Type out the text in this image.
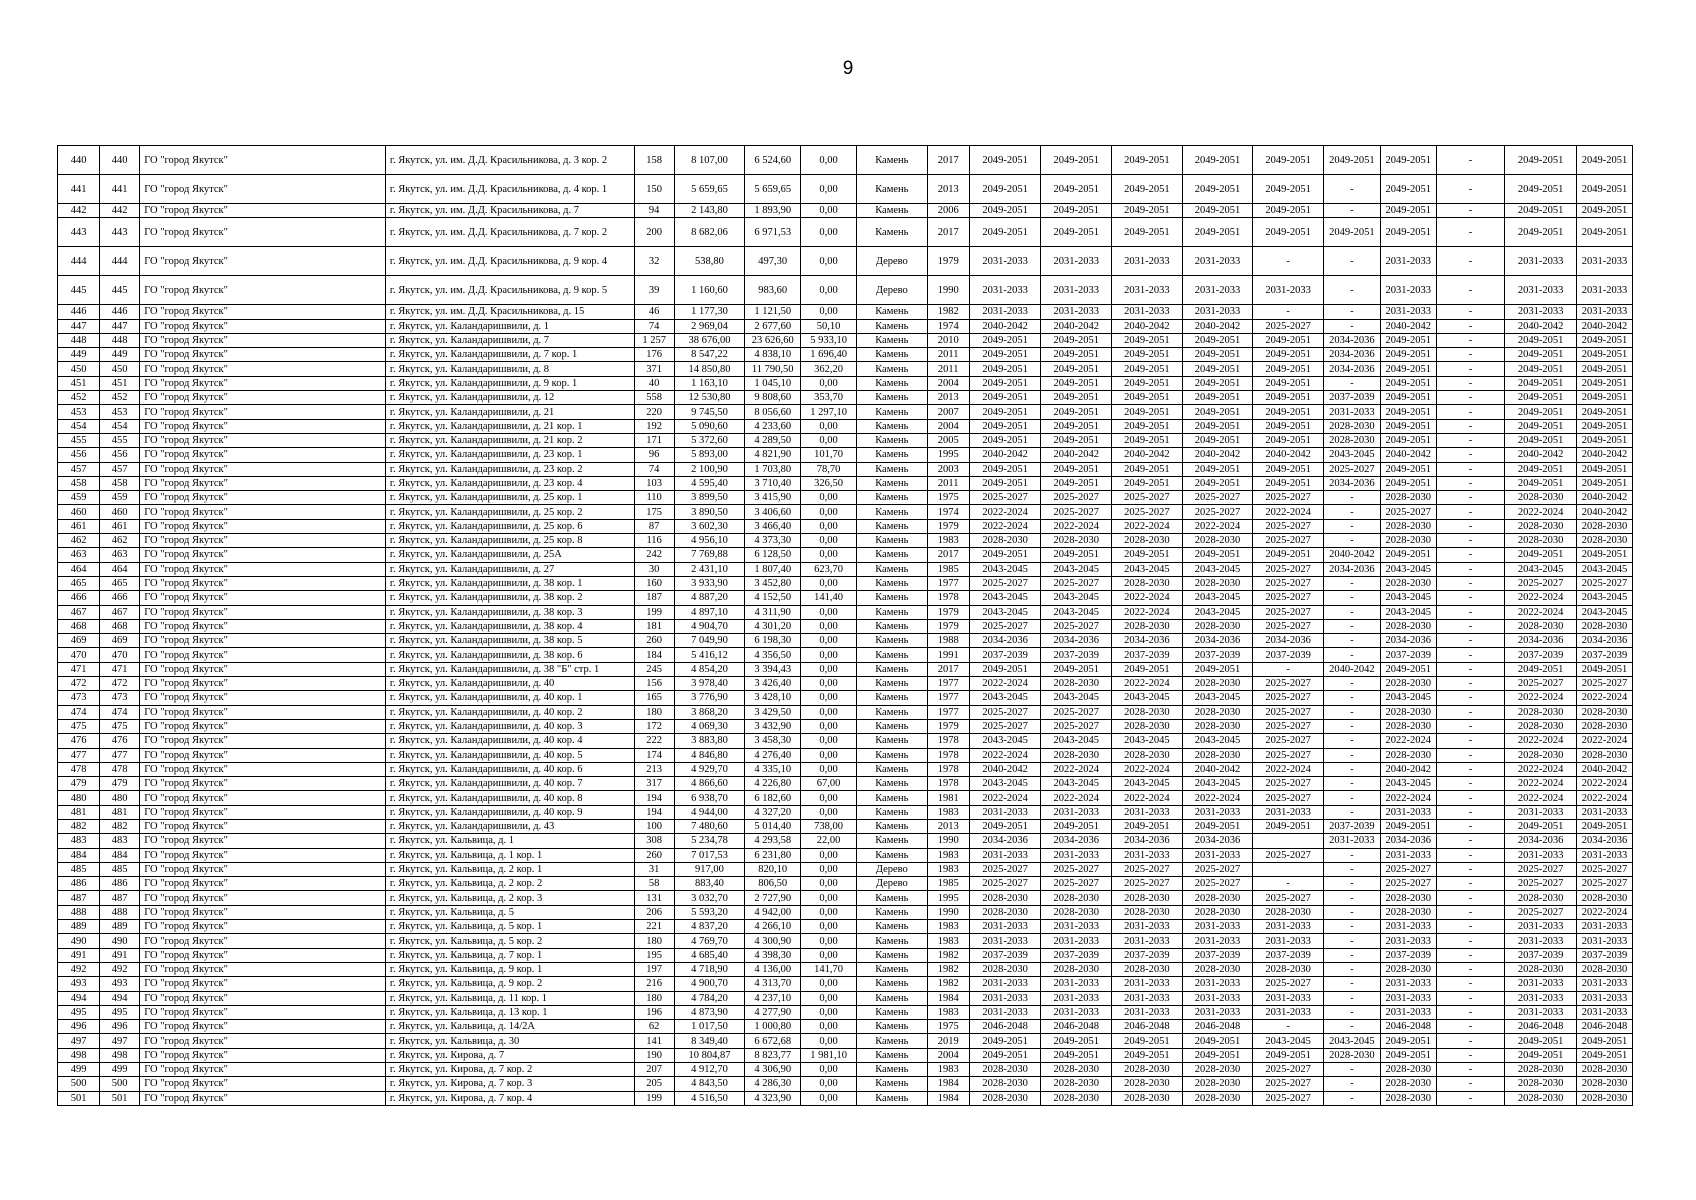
9
440	440	ГО "город Якутск"	г. Якутск, ул. им. Д.Д. Красильникова, д. 3 кор. 2	158	8 107,00	6 524,60	0,00	Камень	2017	2049-2051	2049-2051	2049-2051	2049-2051	2049-2051	2049-2051	2049-2051	-	2049-2051	2049-2051
441	441	ГО "город Якутск"	г. Якутск, ул. им. Д.Д. Красильникова, д. 4 кор. 1	150	5 659,65	5 659,65	0,00	Камень	2013	2049-2051	2049-2051	2049-2051	2049-2051	2049-2051	-	2049-2051	-	2049-2051	2049-2051
442	442	ГО "город Якутск"	г. Якутск, ул. им. Д.Д. Красильникова, д. 7	94	2 143,80	1 893,90	0,00	Камень	2006	2049-2051	2049-2051	2049-2051	2049-2051	2049-2051	-	2049-2051	-	2049-2051	2049-2051
443	443	ГО "город Якутск"	г. Якутск, ул. им. Д.Д. Красильникова, д. 7 кор. 2	200	8 682,06	6 971,53	0,00	Камень	2017	2049-2051	2049-2051	2049-2051	2049-2051	2049-2051	2049-2051	2049-2051	-	2049-2051	2049-2051
444	444	ГО "город Якутск"	г. Якутск, ул. им. Д.Д. Красильникова, д. 9 кор. 4	32	538,80	497,30	0,00	Дерево	1979	2031-2033	2031-2033	2031-2033	2031-2033	-	-	2031-2033	-	2031-2033	2031-2033
445	445	ГО "город Якутск"	г. Якутск, ул. им. Д.Д. Красильникова, д. 9 кор. 5	39	1 160,60	983,60	0,00	Дерево	1990	2031-2033	2031-2033	2031-2033	2031-2033	2031-2033	-	2031-2033	-	2031-2033	2031-2033
446	446	ГО "город Якутск"	г. Якутск, ул. им. Д.Д. Красильникова, д. 15	46	1 177,30	1 121,50	0,00	Камень	1982	2031-2033	2031-2033	2031-2033	2031-2033	-	-	2031-2033	-	2031-2033	2031-2033
447	447	ГО "город Якутск"	г. Якутск, ул. Каландаришвили, д. 1	74	2 969,04	2 677,60	50,10	Камень	1974	2040-2042	2040-2042	2040-2042	2040-2042	2025-2027	-	2040-2042	-	2040-2042	2040-2042
448	448	ГО "город Якутск"	г. Якутск, ул. Каландаришвили, д. 7	1 257	38 676,00	23 626,60	5 933,10	Камень	2010	2049-2051	2049-2051	2049-2051	2049-2051	2049-2051	2034-2036	2049-2051	-	2049-2051	2049-2051
449	449	ГО "город Якутск"	г. Якутск, ул. Каландаришвили, д. 7 кор. 1	176	8 547,22	4 838,10	1 696,40	Камень	2011	2049-2051	2049-2051	2049-2051	2049-2051	2049-2051	2034-2036	2049-2051	-	2049-2051	2049-2051
450	450	ГО "город Якутск"	г. Якутск, ул. Каландаришвили, д. 8	371	14 850,80	11 790,50	362,20	Камень	2011	2049-2051	2049-2051	2049-2051	2049-2051	2049-2051	2034-2036	2049-2051	-	2049-2051	2049-2051
451	451	ГО "город Якутск"	г. Якутск, ул. Каландаришвили, д. 9 кор. 1	40	1 163,10	1 045,10	0,00	Камень	2004	2049-2051	2049-2051	2049-2051	2049-2051	2049-2051	-	2049-2051	-	2049-2051	2049-2051
452	452	ГО "город Якутск"	г. Якутск, ул. Каландаришвили, д. 12	558	12 530,80	9 808,60	353,70	Камень	2013	2049-2051	2049-2051	2049-2051	2049-2051	2049-2051	2037-2039	2049-2051	-	2049-2051	2049-2051
453	453	ГО "город Якутск"	г. Якутск, ул. Каландаришвили, д. 21	220	9 745,50	8 056,60	1 297,10	Камень	2007	2049-2051	2049-2051	2049-2051	2049-2051	2049-2051	2031-2033	2049-2051	-	2049-2051	2049-2051
454	454	ГО "город Якутск"	г. Якутск, ул. Каландаришвили, д. 21 кор. 1	192	5 090,60	4 233,60	0,00	Камень	2004	2049-2051	2049-2051	2049-2051	2049-2051	2049-2051	2028-2030	2049-2051	-	2049-2051	2049-2051
455	455	ГО "город Якутск"	г. Якутск, ул. Каландаришвили, д. 21 кор. 2	171	5 372,60	4 289,50	0,00	Камень	2005	2049-2051	2049-2051	2049-2051	2049-2051	2049-2051	2028-2030	2049-2051	-	2049-2051	2049-2051
456	456	ГО "город Якутск"	г. Якутск, ул. Каландаришвили, д. 23 кор. 1	96	5 893,00	4 821,90	101,70	Камень	1995	2040-2042	2040-2042	2040-2042	2040-2042	2040-2042	2043-2045	2040-2042	-	2040-2042	2040-2042
457	457	ГО "город Якутск"	г. Якутск, ул. Каландаришвили, д. 23 кор. 2	74	2 100,90	1 703,80	78,70	Камень	2003	2049-2051	2049-2051	2049-2051	2049-2051	2049-2051	2025-2027	2049-2051	-	2049-2051	2049-2051
458	458	ГО "город Якутск"	г. Якутск, ул. Каландаришвили, д. 23 кор. 4	103	4 595,40	3 710,40	326,50	Камень	2011	2049-2051	2049-2051	2049-2051	2049-2051	2049-2051	2034-2036	2049-2051	-	2049-2051	2049-2051
459	459	ГО "город Якутск"	г. Якутск, ул. Каландаришвили, д. 25 кор. 1	110	3 899,50	3 415,90	0,00	Камень	1975	2025-2027	2025-2027	2025-2027	2025-2027	2025-2027	-	2028-2030	-	2028-2030	2040-2042
460	460	ГО "город Якутск"	г. Якутск, ул. Каландаришвили, д. 25 кор. 2	175	3 890,50	3 406,60	0,00	Камень	1974	2022-2024	2025-2027	2025-2027	2025-2027	2022-2024	-	2025-2027	-	2022-2024	2040-2042
461	461	ГО "город Якутск"	г. Якутск, ул. Каландаришвили, д. 25 кор. 6	87	3 602,30	3 466,40	0,00	Камень	1979	2022-2024	2022-2024	2022-2024	2022-2024	2025-2027	-	2028-2030	-	2028-2030	2028-2030
462	462	ГО "город Якутск"	г. Якутск, ул. Каландаришвили, д. 25 кор. 8	116	4 956,10	4 373,30	0,00	Камень	1983	2028-2030	2028-2030	2028-2030	2028-2030	2025-2027	-	2028-2030	-	2028-2030	2028-2030
463	463	ГО "город Якутск"	г. Якутск, ул. Каландаришвили, д. 25А	242	7 769,88	6 128,50	0,00	Камень	2017	2049-2051	2049-2051	2049-2051	2049-2051	2049-2051	2040-2042	2049-2051	-	2049-2051	2049-2051
464	464	ГО "город Якутск"	г. Якутск, ул. Каландаришвили, д. 27	30	2 431,10	1 807,40	623,70	Камень	1985	2043-2045	2043-2045	2043-2045	2043-2045	2025-2027	2034-2036	2043-2045	-	2043-2045	2043-2045
465	465	ГО "город Якутск"	г. Якутск, ул. Каландаришвили, д. 38 кор. 1	160	3 933,90	3 452,80	0,00	Камень	1977	2025-2027	2025-2027	2028-2030	2028-2030	2025-2027	-	2028-2030	-	2025-2027	2025-2027
466	466	ГО "город Якутск"	г. Якутск, ул. Каландаришвили, д. 38 кор. 2	187	4 887,20	4 152,50	141,40	Камень	1978	2043-2045	2043-2045	2022-2024	2043-2045	2025-2027	-	2043-2045	-	2022-2024	2043-2045
467	467	ГО "город Якутск"	г. Якутск, ул. Каландаришвили, д. 38 кор. 3	199	4 897,10	4 311,90	0,00	Камень	1979	2043-2045	2043-2045	2022-2024	2043-2045	2025-2027	-	2043-2045	-	2022-2024	2043-2045
468	468	ГО "город Якутск"	г. Якутск, ул. Каландаришвили, д. 38 кор. 4	181	4 904,70	4 301,20	0,00	Камень	1979	2025-2027	2025-2027	2028-2030	2028-2030	2025-2027	-	2028-2030	-	2028-2030	2028-2030
469	469	ГО "город Якутск"	г. Якутск, ул. Каландаришвили, д. 38 кор. 5	260	7 049,90	6 198,30	0,00	Камень	1988	2034-2036	2034-2036	2034-2036	2034-2036	2034-2036	-	2034-2036	-	2034-2036	2034-2036
470	470	ГО "город Якутск"	г. Якутск, ул. Каландаришвили, д. 38 кор. 6	184	5 416,12	4 356,50	0,00	Камень	1991	2037-2039	2037-2039	2037-2039	2037-2039	2037-2039	-	2037-2039	-	2037-2039	2037-2039
471	471	ГО "город Якутск"	г. Якутск, ул. Каландаришвили, д. 38 "Б" стр. 1	245	4 854,20	3 394,43	0,00	Камень	2017	2049-2051	2049-2051	2049-2051	2049-2051	-	2040-2042	2049-2051	-	2049-2051	2049-2051
472	472	ГО "город Якутск"	г. Якутск, ул. Каландаришвили, д. 40	156	3 978,40	3 426,40	0,00	Камень	1977	2022-2024	2028-2030	2022-2024	2028-2030	2025-2027	-	2028-2030	-	2025-2027	2025-2027
473	473	ГО "город Якутск"	г. Якутск, ул. Каландаришвили, д. 40 кор. 1	165	3 776,90	3 428,10	0,00	Камень	1977	2043-2045	2043-2045	2043-2045	2043-2045	2025-2027	-	2043-2045	-	2022-2024	2022-2024
474	474	ГО "город Якутск"	г. Якутск, ул. Каландаришвили, д. 40 кор. 2	180	3 868,20	3 429,50	0,00	Камень	1977	2025-2027	2025-2027	2028-2030	2028-2030	2025-2027	-	2028-2030	-	2028-2030	2028-2030
475	475	ГО "город Якутск"	г. Якутск, ул. Каландаришвили, д. 40 кор. 3	172	4 069,30	3 432,90	0,00	Камень	1979	2025-2027	2025-2027	2028-2030	2028-2030	2025-2027	-	2028-2030	-	2028-2030	2028-2030
476	476	ГО "город Якутск"	г. Якутск, ул. Каландаришвили, д. 40 кор. 4	222	3 883,80	3 458,30	0,00	Камень	1978	2043-2045	2043-2045	2043-2045	2043-2045	2025-2027	-	2022-2024	-	2022-2024	2022-2024
477	477	ГО "город Якутск"	г. Якутск, ул. Каландаришвили, д. 40 кор. 5	174	4 846,80	4 276,40	0,00	Камень	1978	2022-2024	2028-2030	2028-2030	2028-2030	2025-2027	-	2028-2030	-	2028-2030	2028-2030
478	478	ГО "город Якутск"	г. Якутск, ул. Каландаришвили, д. 40 кор. 6	213	4 929,70	4 335,10	0,00	Камень	1978	2040-2042	2022-2024	2022-2024	2040-2042	2022-2024	-	2040-2042	-	2022-2024	2040-2042
479	479	ГО "город Якутск"	г. Якутск, ул. Каландаришвили, д. 40 кор. 7	317	4 866,60	4 226,80	67,00	Камень	1978	2043-2045	2043-2045	2043-2045	2043-2045	2025-2027	-	2043-2045	-	2022-2024	2022-2024
480	480	ГО "город Якутск"	г. Якутск, ул. Каландаришвили, д. 40 кор. 8	194	6 938,70	6 182,60	0,00	Камень	1981	2022-2024	2022-2024	2022-2024	2022-2024	2025-2027	-	2022-2024	-	2022-2024	2022-2024
481	481	ГО "город Якутск"	г. Якутск, ул. Каландаришвили, д. 40 кор. 9	194	4 944,00	4 327,20	0,00	Камень	1983	2031-2033	2031-2033	2031-2033	2031-2033	2031-2033	-	2031-2033	-	2031-2033	2031-2033
482	482	ГО "город Якутск"	г. Якутск, ул. Каландаришвили, д. 43	100	7 480,60	5 014,40	738,00	Камень	2013	2049-2051	2049-2051	2049-2051	2049-2051	2049-2051	2037-2039	2049-2051	-	2049-2051	2049-2051
483	483	ГО "город Якутск"	г. Якутск, ул. Кальвица, д. 1	308	5 234,78	4 293,58	22,00	Камень	1990	2034-2036	2034-2036	2034-2036	2034-2036		2031-2033	2034-2036	-	2034-2036	2034-2036
484	484	ГО "город Якутск"	г. Якутск, ул. Кальвица, д. 1 кор. 1	260	7 017,53	6 231,80	0,00	Камень	1983	2031-2033	2031-2033	2031-2033	2031-2033	2025-2027	-	2031-2033	-	2031-2033	2031-2033
485	485	ГО "город Якутск"	г. Якутск, ул. Кальвица, д. 2 кор. 1	31	917,00	820,10	0,00	Дерево	1983	2025-2027	2025-2027	2025-2027	2025-2027		-	2025-2027	-	2025-2027	2025-2027
486	486	ГО "город Якутск"	г. Якутск, ул. Кальвица, д. 2 кор. 2	58	883,40	806,50	0,00	Дерево	1985	2025-2027	2025-2027	2025-2027	2025-2027	-	-	2025-2027	-	2025-2027	2025-2027
487	487	ГО "город Якутск"	г. Якутск, ул. Кальвица, д. 2 кор. 3	131	3 032,70	2 727,90	0,00	Камень	1995	2028-2030	2028-2030	2028-2030	2028-2030	2025-2027	-	2028-2030	-	2028-2030	2028-2030
488	488	ГО "город Якутск"	г. Якутск, ул. Кальвица, д. 5	206	5 593,20	4 942,00	0,00	Камень	1990	2028-2030	2028-2030	2028-2030	2028-2030	2028-2030	-	2028-2030	-	2025-2027	2022-2024
489	489	ГО "город Якутск"	г. Якутск, ул. Кальвица, д. 5 кор. 1	221	4 837,20	4 266,10	0,00	Камень	1983	2031-2033	2031-2033	2031-2033	2031-2033	2031-2033	-	2031-2033	-	2031-2033	2031-2033
490	490	ГО "город Якутск"	г. Якутск, ул. Кальвица, д. 5 кор. 2	180	4 769,70	4 300,90	0,00	Камень	1983	2031-2033	2031-2033	2031-2033	2031-2033	2031-2033	-	2031-2033	-	2031-2033	2031-2033
491	491	ГО "город Якутск"	г. Якутск, ул. Кальвица, д. 7 кор. 1	195	4 685,40	4 398,30	0,00	Камень	1982	2037-2039	2037-2039	2037-2039	2037-2039	2037-2039	-	2037-2039	-	2037-2039	2037-2039
492	492	ГО "город Якутск"	г. Якутск, ул. Кальвица, д. 9 кор. 1	197	4 718,90	4 136,00	141,70	Камень	1982	2028-2030	2028-2030	2028-2030	2028-2030	2028-2030	-	2028-2030	-	2028-2030	2028-2030
493	493	ГО "город Якутск"	г. Якутск, ул. Кальвица, д. 9 кор. 2	216	4 900,70	4 313,70	0,00	Камень	1982	2031-2033	2031-2033	2031-2033	2031-2033	2025-2027	-	2031-2033	-	2031-2033	2031-2033
494	494	ГО "город Якутск"	г. Якутск, ул. Кальвица, д. 11 кор. 1	180	4 784,20	4 237,10	0,00	Камень	1984	2031-2033	2031-2033	2031-2033	2031-2033	2031-2033	-	2031-2033	-	2031-2033	2031-2033
495	495	ГО "город Якутск"	г. Якутск, ул. Кальвица, д. 13 кор. 1	196	4 873,90	4 277,90	0,00	Камень	1983	2031-2033	2031-2033	2031-2033	2031-2033	2031-2033	-	2031-2033	-	2031-2033	2031-2033
496	496	ГО "город Якутск"	г. Якутск, ул. Кальвица, д. 14/2А	62	1 017,50	1 000,80	0,00	Камень	1975	2046-2048	2046-2048	2046-2048	2046-2048	-	-	2046-2048	-	2046-2048	2046-2048
497	497	ГО "город Якутск"	г. Якутск, ул. Кальвица, д. 30	141	8 349,40	6 672,68	0,00	Камень	2019	2049-2051	2049-2051	2049-2051	2049-2051	2043-2045	2043-2045	2049-2051	-	2049-2051	2049-2051
498	498	ГО "город Якутск"	г. Якутск, ул. Кирова, д. 7	190	10 804,87	8 823,77	1 981,10	Камень	2004	2049-2051	2049-2051	2049-2051	2049-2051	2049-2051	2028-2030	2049-2051	-	2049-2051	2049-2051
499	499	ГО "город Якутск"	г. Якутск, ул. Кирова, д. 7 кор. 2	207	4 912,70	4 306,90	0,00	Камень	1983	2028-2030	2028-2030	2028-2030	2028-2030	2025-2027	-	2028-2030	-	2028-2030	2028-2030
500	500	ГО "город Якутск"	г. Якутск, ул. Кирова, д. 7 кор. 3	205	4 843,50	4 286,30	0,00	Камень	1984	2028-2030	2028-2030	2028-2030	2028-2030	2025-2027	-	2028-2030	-	2028-2030	2028-2030
501	501	ГО "город Якутск"	г. Якутск, ул. Кирова, д. 7 кор. 4	199	4 516,50	4 323,90	0,00	Камень	1984	2028-2030	2028-2030	2028-2030	2028-2030	2025-2027	-	2028-2030	-	2028-2030	2028-2030
